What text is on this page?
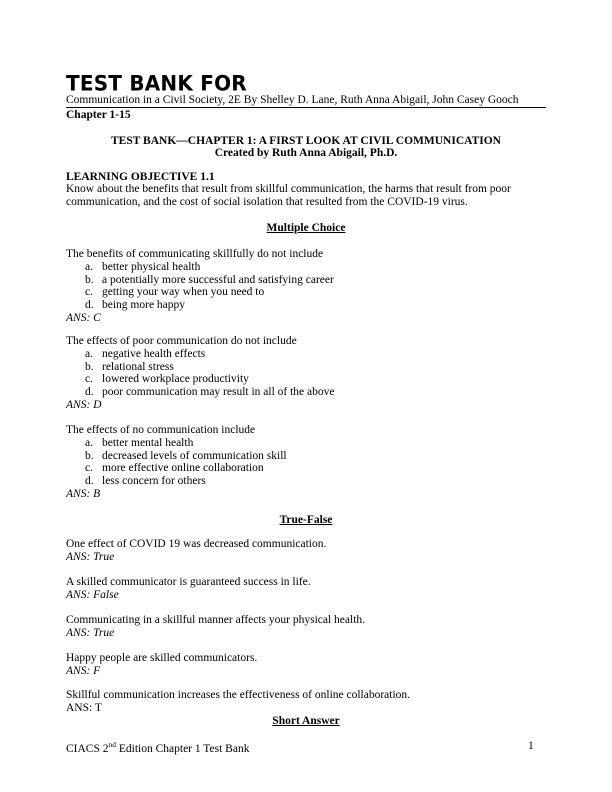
TEST BANK FOR
Communication in a Civil Society, 2E By Shelley D. Lane, Ruth Anna Abigail, John Casey Gooch
Chapter 1-15
TEST BANK—CHAPTER 1: A FIRST LOOK AT CIVIL COMMUNICATION
Created by Ruth Anna Abigail, Ph.D.
LEARNING OBJECTIVE 1.1
Know about the benefits that result from skillful communication, the harms that result from poor communication, and the cost of social isolation that resulted from the COVID-19 virus.
Multiple Choice

The benefits of communicating skillfully do not include

a. better physical health
b. a potentially more successful and satisfying career
c. getting your way when you need to
d. being more happy
ANS: C

The effects of poor communication do not include

a. negative health effects
b. relational stress
c. lowered workplace productivity
d. poor communication may result in all of the above
ANS: D

The effects of no communication include

a. better mental health
b. decreased levels of communication skill
c. more effective online collaboration
d. less concern for others
ANS: B
True-False

One effect of COVID 19 was decreased communication.

ANS: True

A skilled communicator is guaranteed success in life.

ANS: False

Communicating in a skillful manner affects your physical health.

ANS: True

Happy people are skilled communicators.

ANS: F

Skillful communication increases the effectiveness of online collaboration.

ANS: T
Short Answer
CIACS 2nd Edition Chapter 1 Test Bank	1
